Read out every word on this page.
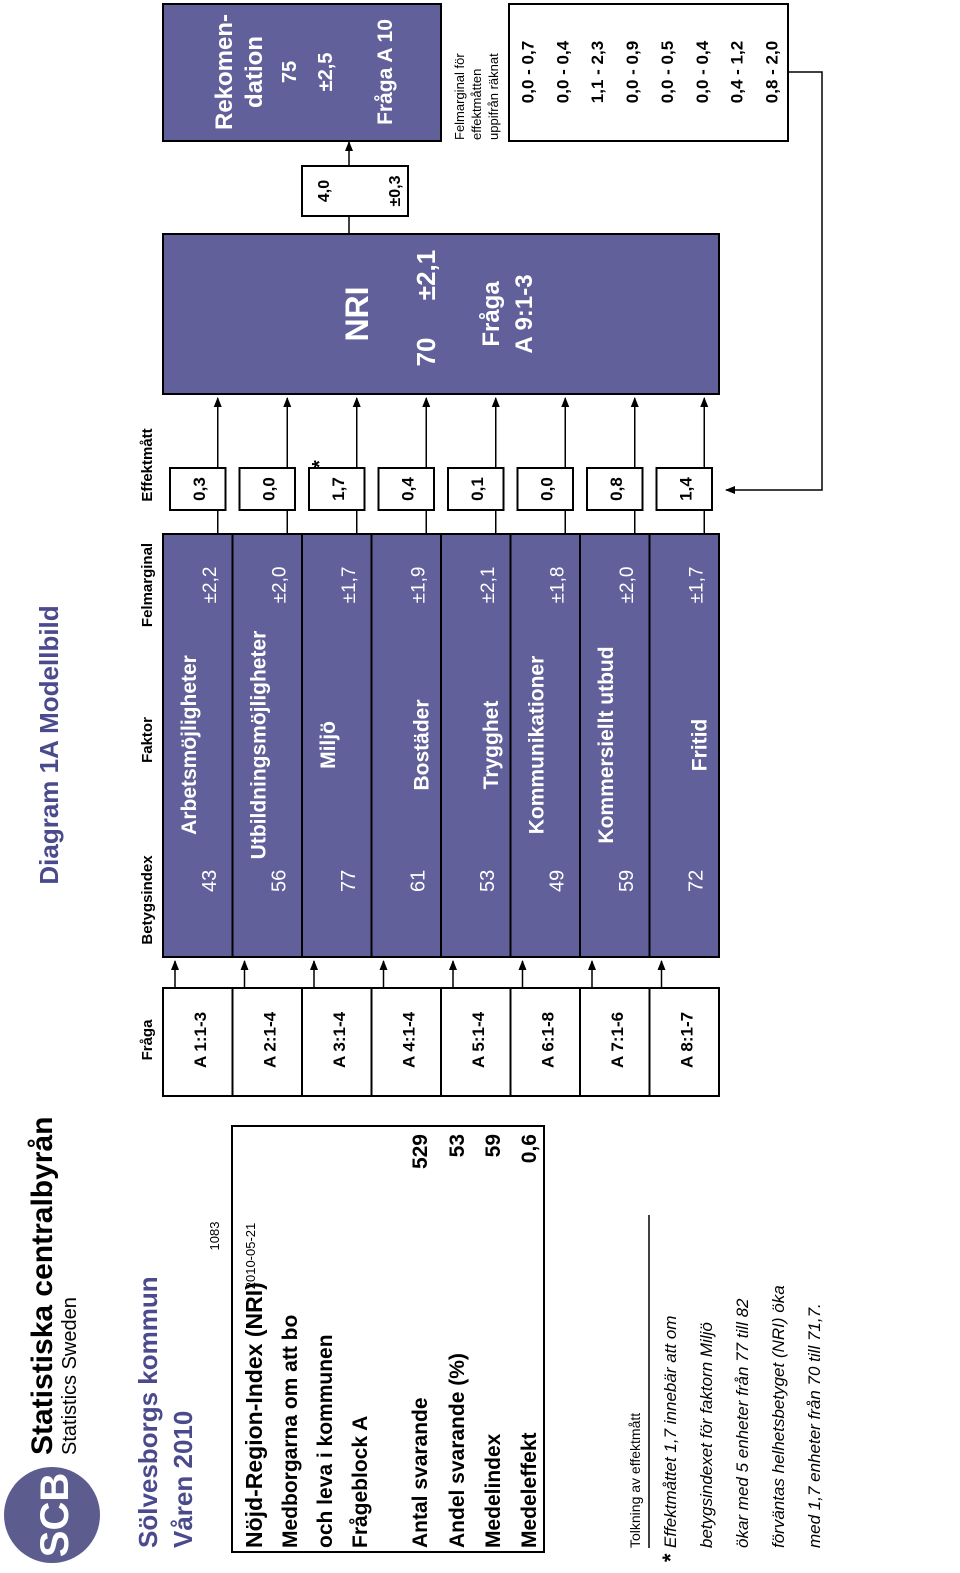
SCB
Statistiska centralbyrån Statistics Sweden
Diagram 1A Modellbild
Sölvesborgs kommun Våren 2010 Nöjd-Region-Index (NRI) Medborgarna om att bo och leva i kommunen Frågeblock A Antal svarande
529
Andel svarande (%)
53
Medelindex
59
Medeleffekt
0,6
Fråga
Betygsindex
Faktor
Felmarginal
Effektmått
A 1:1-3
43
Arbetsmöjligheter
±2,2
0,3
A 2:1-4
56
Utbildningsmöjligheter
±2,0
0,0
A 3:1-4
77
Miljö
±1,7
1,7
A 4:1-4
61
Bostäder
±1,9
0,4
A 5:1-4
53
Trygghet
±2,1
0,1
A 6:1-8
49
Kommunikationer
±1,8
0,0
A 7:1-6
59
Kommersiellt utbud
±2,0
0,8
A 8:1-7
72
Fritid
±1,7
1,4
*
NRI
70
±2,1
Fråga A 9:1-3
4,0	±0,3
Rekomen- dation 75 ±2,5 Fråga A 10	Felmarginal för effektmåtten uppifrån räknat 0,0 - 0,7 0,0 - 0,4 1,1 - 2,3 0,0 - 0,9 0,0 - 0,5 0,0 - 0,4 0,4 - 1,2 0,8 - 2,0
Tolkning av effektmått
*
Effektmåttet 1,7 innebär att om betygsindexet för faktorn Miljö ökar med 5 enheter från 77 till 82 förväntas helhetsbetyget (NRI) öka med 1,7 enheter från 70 till 71,7.
1083 2010-05-21
